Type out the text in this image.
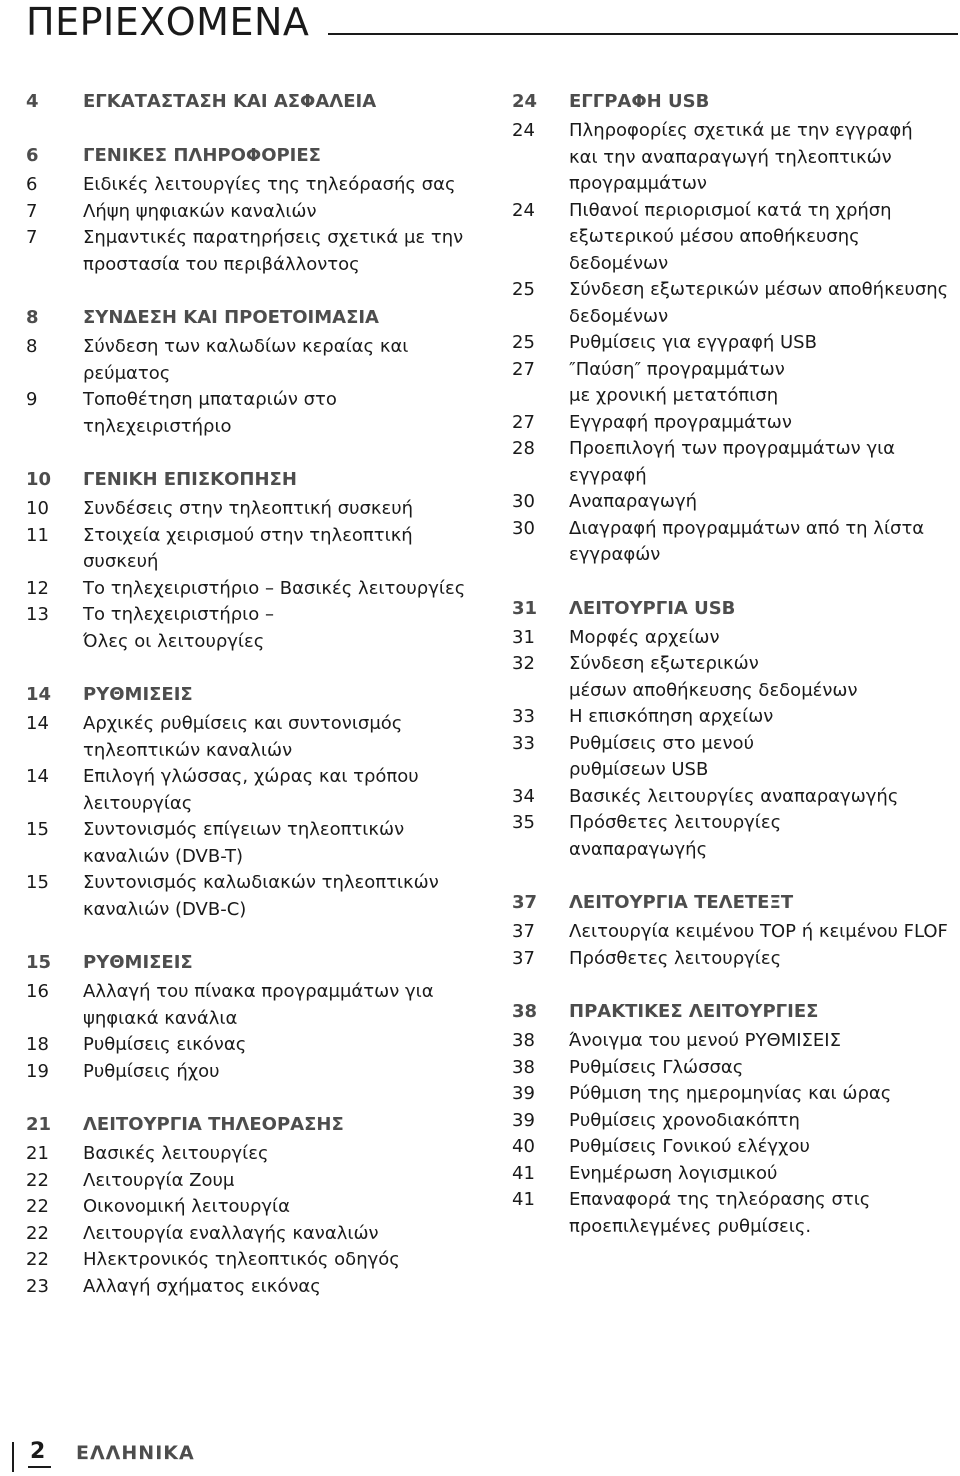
ΠΕΡΙΕΧΟΜΕΝΑ
4	ΕΓΚΑΤΑΣΤΑΣΗ ΚΑΙ ΑΣΦΑΛΕΙΑ
6	ΓΕΝΙΚΕΣ ΠΛΗΡΟΦΟΡΙΕΣ
6	Ειδικές λειτουργίες της τηλεόρασής σας
7	Λήψη ψηφιακών καναλιών
7	Σημαντικές παρατηρήσεις σχετικά με την
προστασία του περιβάλλοντος
8	ΣΥΝΔΕΣΗ ΚΑΙ ΠΡΟΕΤΟΙΜΑΣΙΑ
8	Σύνδεση των καλωδίων κεραίας και
ρεύματος
9	Τοποθέτηση μπαταριών στο
τηλεχειριστήριο
10	ΓΕΝΙΚΗ ΕΠΙΣΚΟΠΗΣΗ
10	Συνδέσεις στην τηλεοπτική συσκευή
11	Στοιχεία χειρισμού στην τηλεοπτική
συσκευή
12	Το τηλεχειριστήριο – Βασικές λειτουργίες
13	Το τηλεχειριστήριο –
Όλες οι λειτουργίες
14	ΡΥΘΜΙΣΕΙΣ
14	Αρχικές ρυθμίσεις και συντονισμός
τηλεοπτικών καναλιών
14	Επιλογή γλώσσας, χώρας και τρόπου
λειτουργίας
15	Συντονισμός επίγειων τηλεοπτικών
καναλιών (DVB-T)
15	Συντονισμός καλωδιακών τηλεοπτικών
καναλιών (DVB-C)
15	ΡΥΘΜΙΣΕΙΣ
16	Αλλαγή του πίνακα προγραμμάτων για
ψηφιακά κανάλια
18	Ρυθμίσεις εικόνας
19	Ρυθμίσεις ήχου
21	ΛΕΙΤΟΥΡΓΙΑ ΤΗΛΕΟΡΑΣΗΣ
21	Βασικές λειτουργίες
22	Λειτουργία Ζουμ
22	Οικονομική λειτουργία
22	Λειτουργία εναλλαγής καναλιών
22	Ηλεκτρονικός τηλεοπτικός οδηγός
23	Αλλαγή σχήματος εικόνας
24	ΕΓΓΡΑΦΗ USB
24	Πληροφορίες σχετικά με την εγγραφή
και την αναπαραγωγή τηλεοπτικών
προγραμμάτων
24	Πιθανοί περιορισμοί κατά τη χρήση
εξωτερικού μέσου αποθήκευσης
δεδομένων
25	Σύνδεση εξωτερικών μέσων αποθήκευσης
δεδομένων
25	Ρυθμίσεις για εγγραφή USB
27	″Παύση″ προγραμμάτων
με χρονική μετατόπιση
27	Εγγραφή προγραμμάτων
28	Προεπιλογή των προγραμμάτων για
εγγραφή
30	Αναπαραγωγή
30	Διαγραφή προγραμμάτων από τη λίστα
εγγραφών
31	ΛΕΙΤΟΥΡΓΙΑ USB
31	Μορφές αρχείων
32	Σύνδεση εξωτερικών
μέσων αποθήκευσης δεδομένων
33	Η επισκόπηση αρχείων
33	Ρυθμίσεις στο μενού
ρυθμίσεων USB
34	Βασικές λειτουργίες αναπαραγωγής
35	Πρόσθετες λειτουργίες
αναπαραγωγής
37	ΛΕΙΤΟΥΡΓΙΑ ΤΕΛΕΤΕΞΤ
37	Λειτουργία κειμένου TOP ή κειμένου FLOF
37	Πρόσθετες λειτουργίες
38	ΠΡΑΚΤΙΚΕΣ ΛΕΙΤΟΥΡΓΙΕΣ
38	Άνοιγμα του μενού ΡΥΘΜΙΣΕΙΣ
38	Ρυθμίσεις Γλώσσας
39	Ρύθμιση της ημερομηνίας και ώρας
39	Ρυθμίσεις χρονοδιακόπτη
40	Ρυθμίσεις Γονικού ελέγχου
41	Ενημέρωση λογισμικού
41	Επαναφορά της τηλεόρασης στις
προεπιλεγμένες ρυθμίσεις.
2	ΕΛΛΗΝΙΚΑ
